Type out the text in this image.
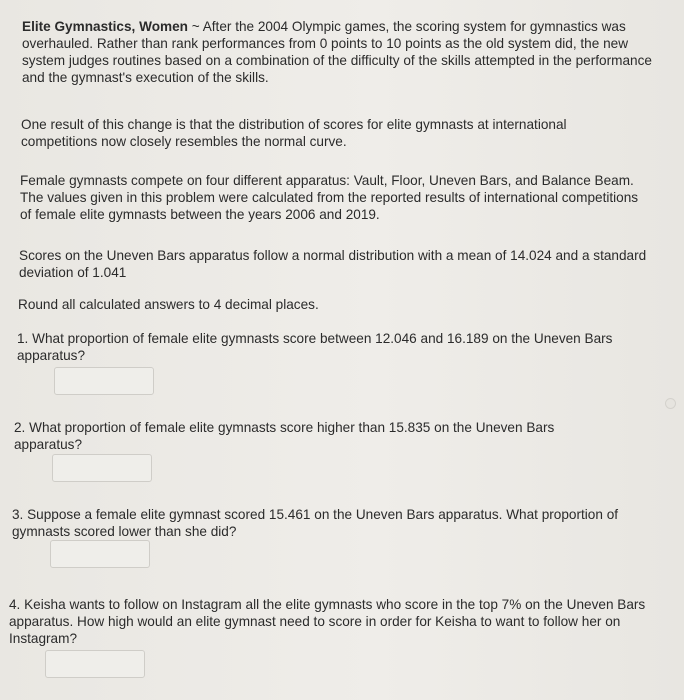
Elite Gymnastics, Women ~ After the 2004 Olympic games, the scoring system for gymnastics was overhauled. Rather than rank performances from 0 points to 10 points as the old system did, the new system judges routines based on a combination of the difficulty of the skills attempted in the performance and the gymnast's execution of the skills.

One result of this change is that the distribution of scores for elite gymnasts at international competitions now closely resembles the normal curve.

Female gymnasts compete on four different apparatus: Vault, Floor, Uneven Bars, and Balance Beam. The values given in this problem were calculated from the reported results of international competitions of female elite gymnasts between the years 2006 and 2019.

Scores on the Uneven Bars apparatus follow a normal distribution with a mean of 14.024 and a standard deviation of 1.041

Round all calculated answers to 4 decimal places.

1. What proportion of female elite gymnasts score between 12.046 and 16.189 on the Uneven Bars apparatus?

2. What proportion of female elite gymnasts score higher than 15.835 on the Uneven Bars apparatus?

3. Suppose a female elite gymnast scored 15.461 on the Uneven Bars apparatus. What proportion of gymnasts scored lower than she did?

4. Keisha wants to follow on Instagram all the elite gymnasts who score in the top 7% on the Uneven Bars apparatus. How high would an elite gymnast need to score in order for Keisha to want to follow her on Instagram?
